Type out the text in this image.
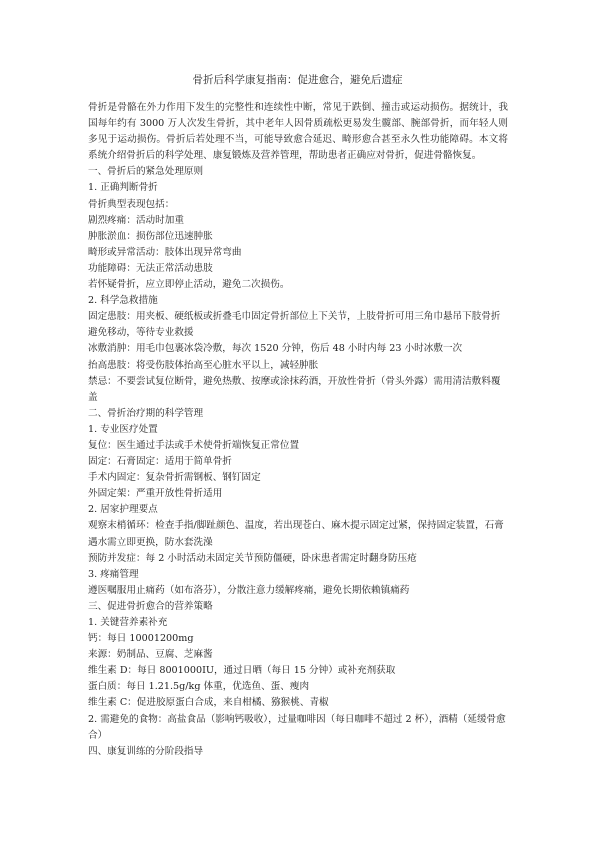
骨折后科学康复指南：促进愈合，避免后遗症

骨折是骨骼在外力作用下发生的完整性和连续性中断，常见于跌倒、撞击或运动损伤。据统计，我国每年约有 3000 万人次发生骨折，其中老年人因骨质疏松更易发生髋部、腕部骨折，而年轻人则多见于运动损伤。骨折后若处理不当，可能导致愈合延迟、畸形愈合甚至永久性功能障碍。本文将系统介绍骨折后的科学处理、康复锻炼及营养管理，帮助患者正确应对骨折，促进骨骼恢复。

一、骨折后的紧急处理原则

1. 正确判断骨折

骨折典型表现包括：

剧烈疼痛：活动时加重

肿胀淤血：损伤部位迅速肿胀

畸形或异常活动：肢体出现异常弯曲

功能障碍：无法正常活动患肢

若怀疑骨折，应立即停止活动，避免二次损伤。

2. 科学急救措施

固定患肢：用夹板、硬纸板或折叠毛巾固定骨折部位上下关节，上肢骨折可用三角巾悬吊下肢骨折避免移动，等待专业救援

冰敷消肿：用毛巾包裹冰袋冷敷，每次 1520 分钟，伤后 48 小时内每 23 小时冰敷一次

抬高患肢：将受伤肢体抬高至心脏水平以上，减轻肿胀

禁忌：不要尝试复位断骨，避免热敷、按摩或涂抹药酒，开放性骨折（骨头外露）需用清洁敷料覆盖

二、骨折治疗期的科学管理

1. 专业医疗处置

复位：医生通过手法或手术使骨折端恢复正常位置

固定：石膏固定：适用于简单骨折

手术内固定：复杂骨折需钢板、钢钉固定

外固定架：严重开放性骨折适用

2. 居家护理要点

观察末梢循环：检查手指/脚趾颜色、温度，若出现苍白、麻木提示固定过紧，保持固定装置，石膏遇水需立即更换，防水套洗澡

预防并发症：每 2 小时活动未固定关节预防僵硬，卧床患者需定时翻身防压疮

3. 疼痛管理

遵医嘱服用止痛药（如布洛芬），分散注意力缓解疼痛，避免长期依赖镇痛药

三、促进骨折愈合的营养策略

1. 关键营养素补充

钙：每日 10001200mg

来源：奶制品、豆腐、芝麻酱

维生素 D：每日 8001000IU，通过日晒（每日 15 分钟）或补充剂获取

蛋白质：每日 1.21.5g/kg 体重，优选鱼、蛋、瘦肉

维生素 C：促进胶原蛋白合成，来自柑橘、猕猴桃、青椒

2. 需避免的食物：高盐食品（影响钙吸收），过量咖啡因（每日咖啡不超过 2 杯），酒精（延缓骨愈合）

四、康复训练的分阶段指导
